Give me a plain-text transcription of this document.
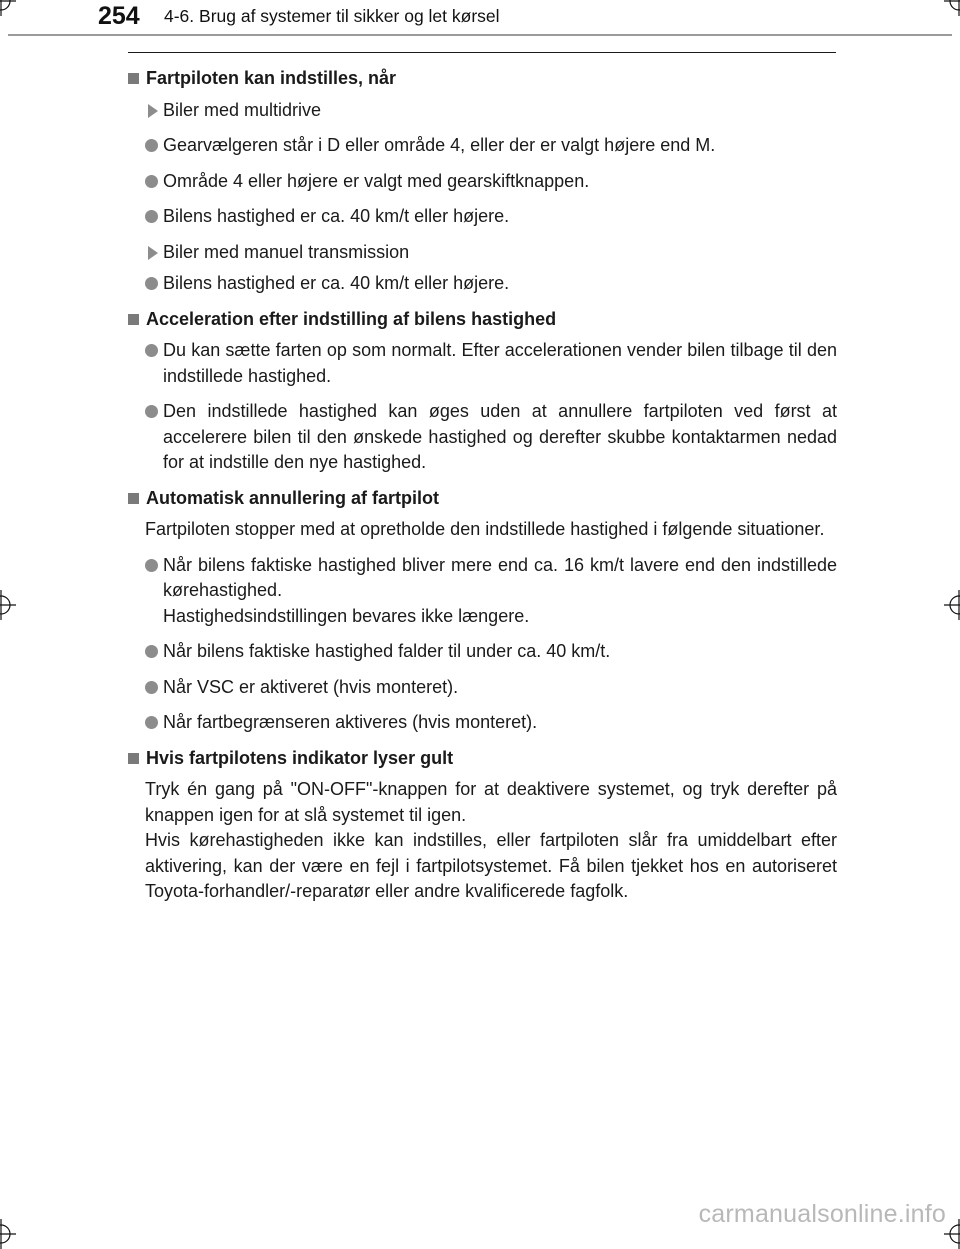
254 4-6. Brug af systemer til sikker og let kørsel
Fartpiloten kan indstilles, når
Biler med multidrive
Gearvælgeren står i D eller område 4, eller der er valgt højere end M.
Område 4 eller højere er valgt med gearskiftknappen.
Bilens hastighed er ca. 40 km/t eller højere.
Biler med manuel transmission
Bilens hastighed er ca. 40 km/t eller højere.
Acceleration efter indstilling af bilens hastighed
Du kan sætte farten op som normalt. Efter accelerationen vender bilen tilbage til den indstillede hastighed.
Den indstillede hastighed kan øges uden at annullere fartpiloten ved først at accelerere bilen til den ønskede hastighed og derefter skubbe kontaktarmen nedad for at indstille den nye hastighed.
Automatisk annullering af fartpilot
Fartpiloten stopper med at opretholde den indstillede hastighed i følgende situationer.
Når bilens faktiske hastighed bliver mere end ca. 16 km/t lavere end den indstillede kørehastighed.
Hastighedsindstillingen bevares ikke længere.
Når bilens faktiske hastighed falder til under ca. 40 km/t.
Når VSC er aktiveret (hvis monteret).
Når fartbegrænseren aktiveres (hvis monteret).
Hvis fartpilotens indikator lyser gult
Tryk én gang på "ON-OFF"-knappen for at deaktivere systemet, og tryk derefter på knappen igen for at slå systemet til igen.
Hvis kørehastigheden ikke kan indstilles, eller fartpiloten slår fra umiddelbart efter aktivering, kan der være en fejl i fartpilotsystemet. Få bilen tjekket hos en autoriseret Toyota-forhandler/-reparatør eller andre kvalificerede fagfolk.
carmanualsonline.info
